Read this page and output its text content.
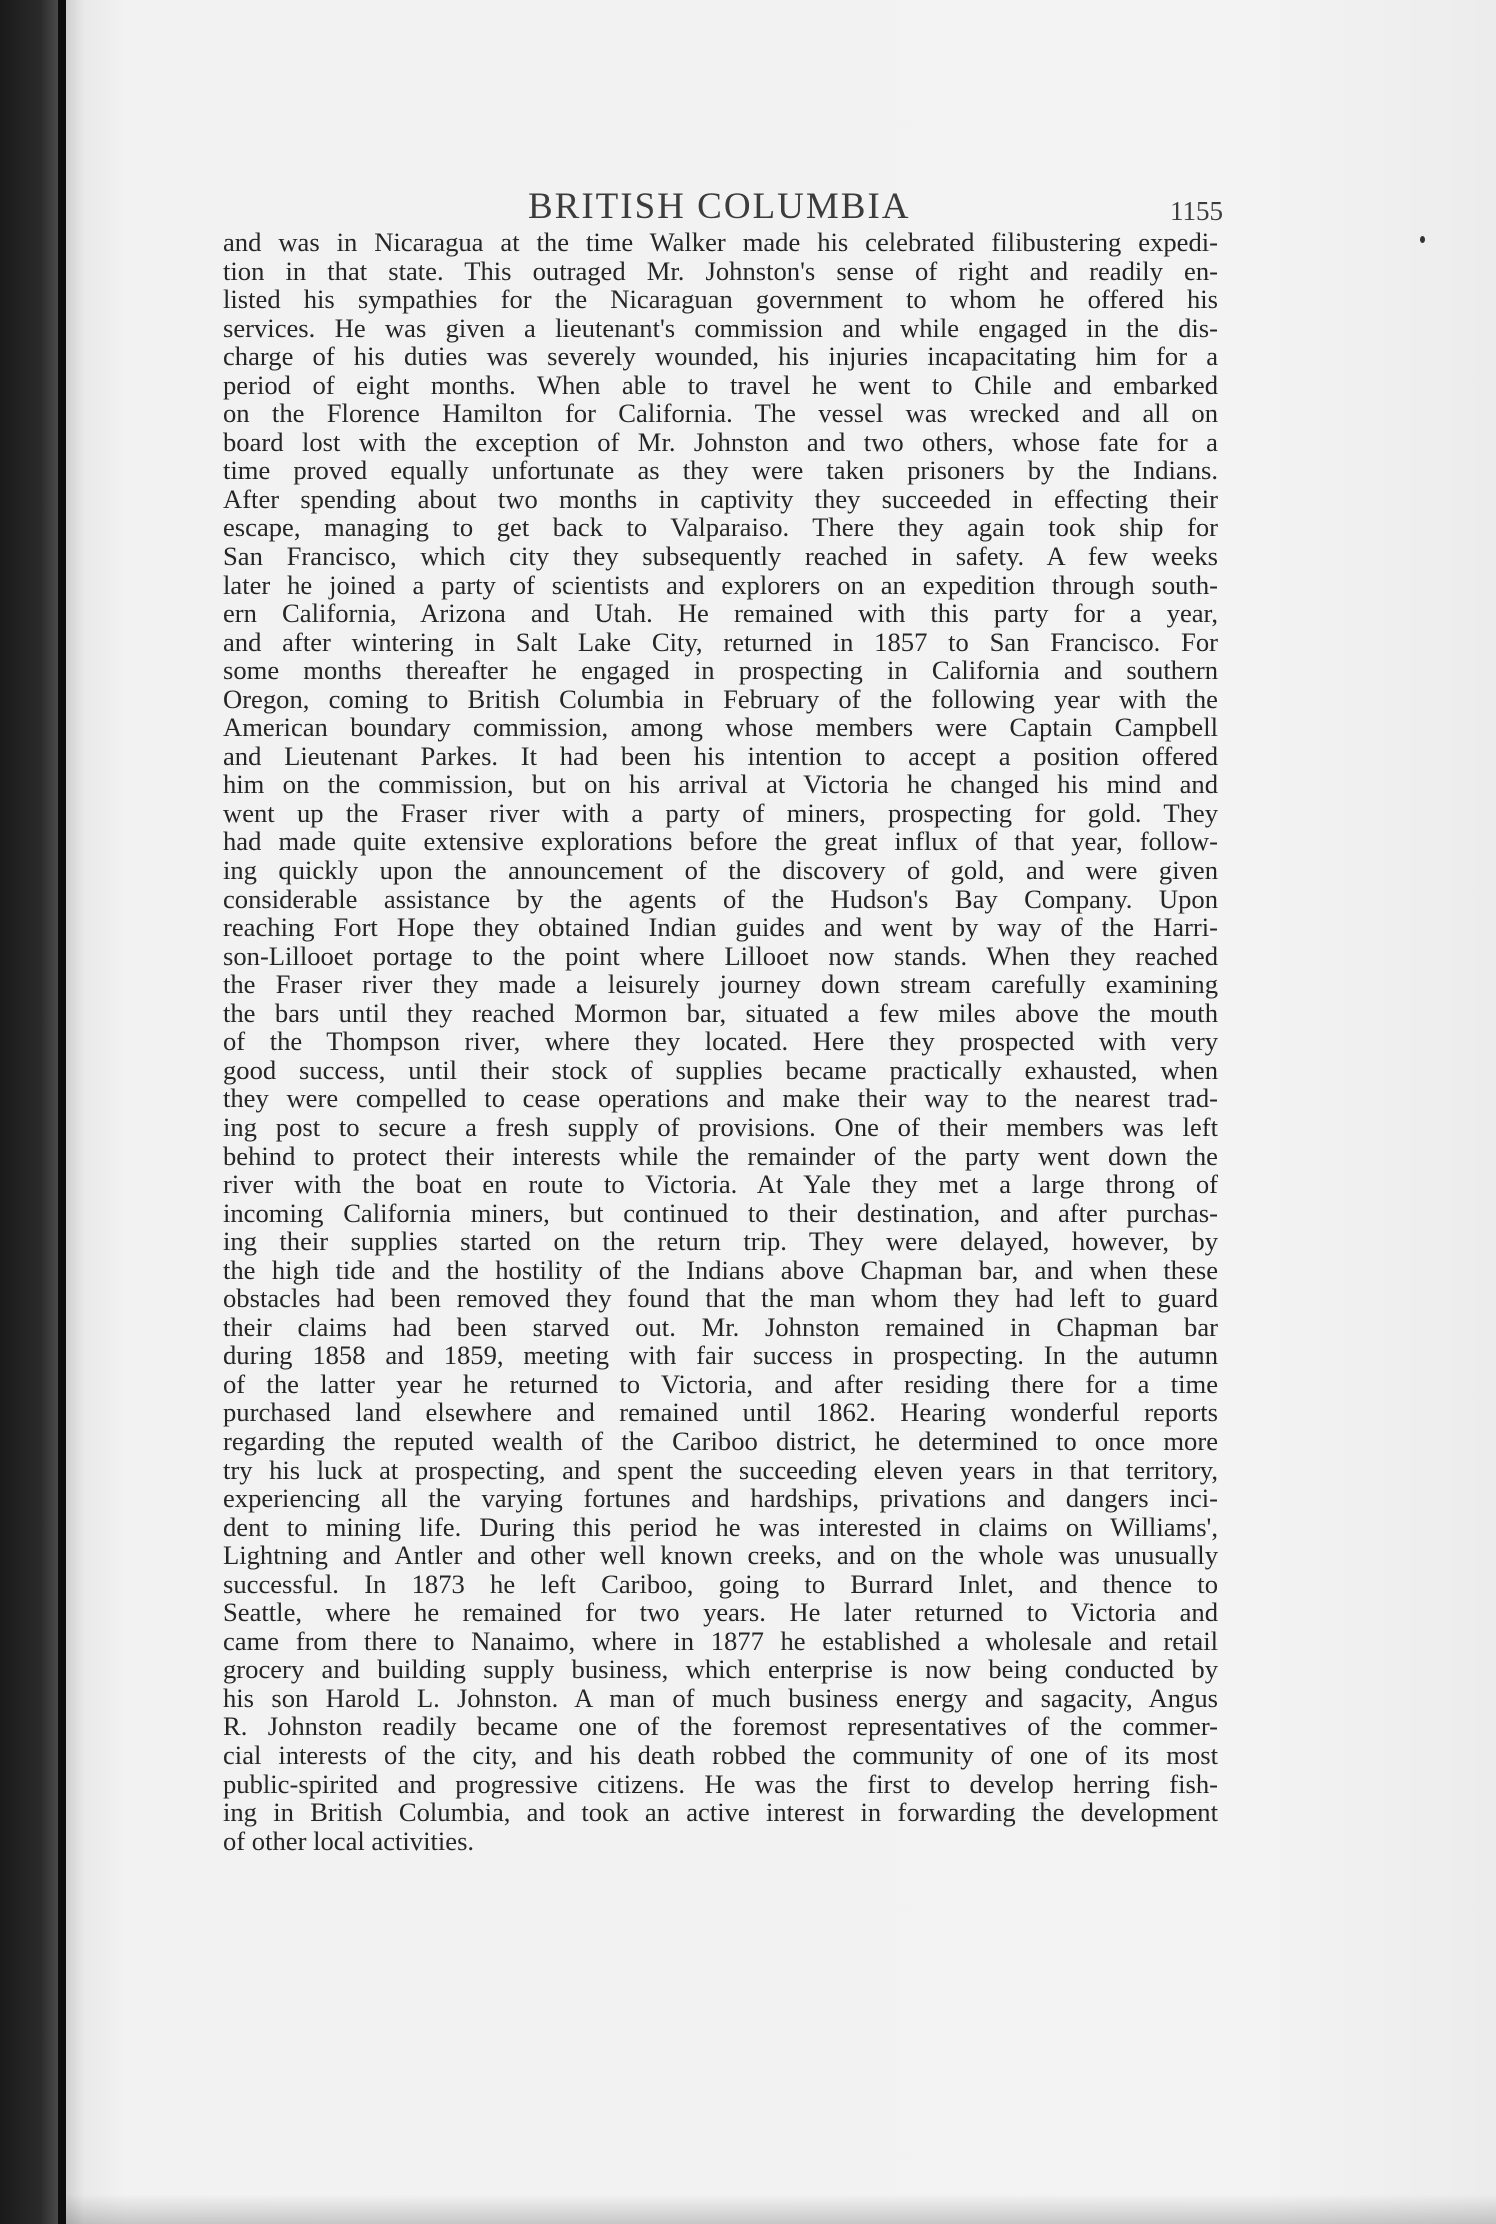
BRITISH COLUMBIA	1155
and was in Nicaragua at the time Walker made his celebrated filibustering expedi-
tion in that state. This outraged Mr. Johnston's sense of right and readily en-
listed his sympathies for the Nicaraguan government to whom he offered his
services. He was given a lieutenant's commission and while engaged in the dis-
charge of his duties was severely wounded, his injuries incapacitating him for a
period of eight months. When able to travel he went to Chile and embarked
on the Florence Hamilton for California. The vessel was wrecked and all on
board lost with the exception of Mr. Johnston and two others, whose fate for a
time proved equally unfortunate as they were taken prisoners by the Indians.
After spending about two months in captivity they succeeded in effecting their
escape, managing to get back to Valparaiso. There they again took ship for
San Francisco, which city they subsequently reached in safety. A few weeks
later he joined a party of scientists and explorers on an expedition through south-
ern California, Arizona and Utah. He remained with this party for a year,
and after wintering in Salt Lake City, returned in 1857 to San Francisco. For
some months thereafter he engaged in prospecting in California and southern
Oregon, coming to British Columbia in February of the following year with the
American boundary commission, among whose members were Captain Campbell
and Lieutenant Parkes. It had been his intention to accept a position offered
him on the commission, but on his arrival at Victoria he changed his mind and
went up the Fraser river with a party of miners, prospecting for gold. They
had made quite extensive explorations before the great influx of that year, follow-
ing quickly upon the announcement of the discovery of gold, and were given
considerable assistance by the agents of the Hudson's Bay Company. Upon
reaching Fort Hope they obtained Indian guides and went by way of the Harri-
son-Lillooet portage to the point where Lillooet now stands. When they reached
the Fraser river they made a leisurely journey down stream carefully examining
the bars until they reached Mormon bar, situated a few miles above the mouth
of the Thompson river, where they located. Here they prospected with very
good success, until their stock of supplies became practically exhausted, when
they were compelled to cease operations and make their way to the nearest trad-
ing post to secure a fresh supply of provisions. One of their members was left
behind to protect their interests while the remainder of the party went down the
river with the boat en route to Victoria. At Yale they met a large throng of
incoming California miners, but continued to their destination, and after purchas-
ing their supplies started on the return trip. They were delayed, however, by
the high tide and the hostility of the Indians above Chapman bar, and when these
obstacles had been removed they found that the man whom they had left to guard
their claims had been starved out. Mr. Johnston remained in Chapman bar
during 1858 and 1859, meeting with fair success in prospecting. In the autumn
of the latter year he returned to Victoria, and after residing there for a time
purchased land elsewhere and remained until 1862. Hearing wonderful reports
regarding the reputed wealth of the Cariboo district, he determined to once more
try his luck at prospecting, and spent the succeeding eleven years in that territory,
experiencing all the varying fortunes and hardships, privations and dangers inci-
dent to mining life. During this period he was interested in claims on Williams',
Lightning and Antler and other well known creeks, and on the whole was unusually
successful. In 1873 he left Cariboo, going to Burrard Inlet, and thence to
Seattle, where he remained for two years. He later returned to Victoria and
came from there to Nanaimo, where in 1877 he established a wholesale and retail
grocery and building supply business, which enterprise is now being conducted by
his son Harold L. Johnston. A man of much business energy and sagacity, Angus
R. Johnston readily became one of the foremost representatives of the commer-
cial interests of the city, and his death robbed the community of one of its most
public-spirited and progressive citizens. He was the first to develop herring fish-
ing in British Columbia, and took an active interest in forwarding the development
of other local activities.
